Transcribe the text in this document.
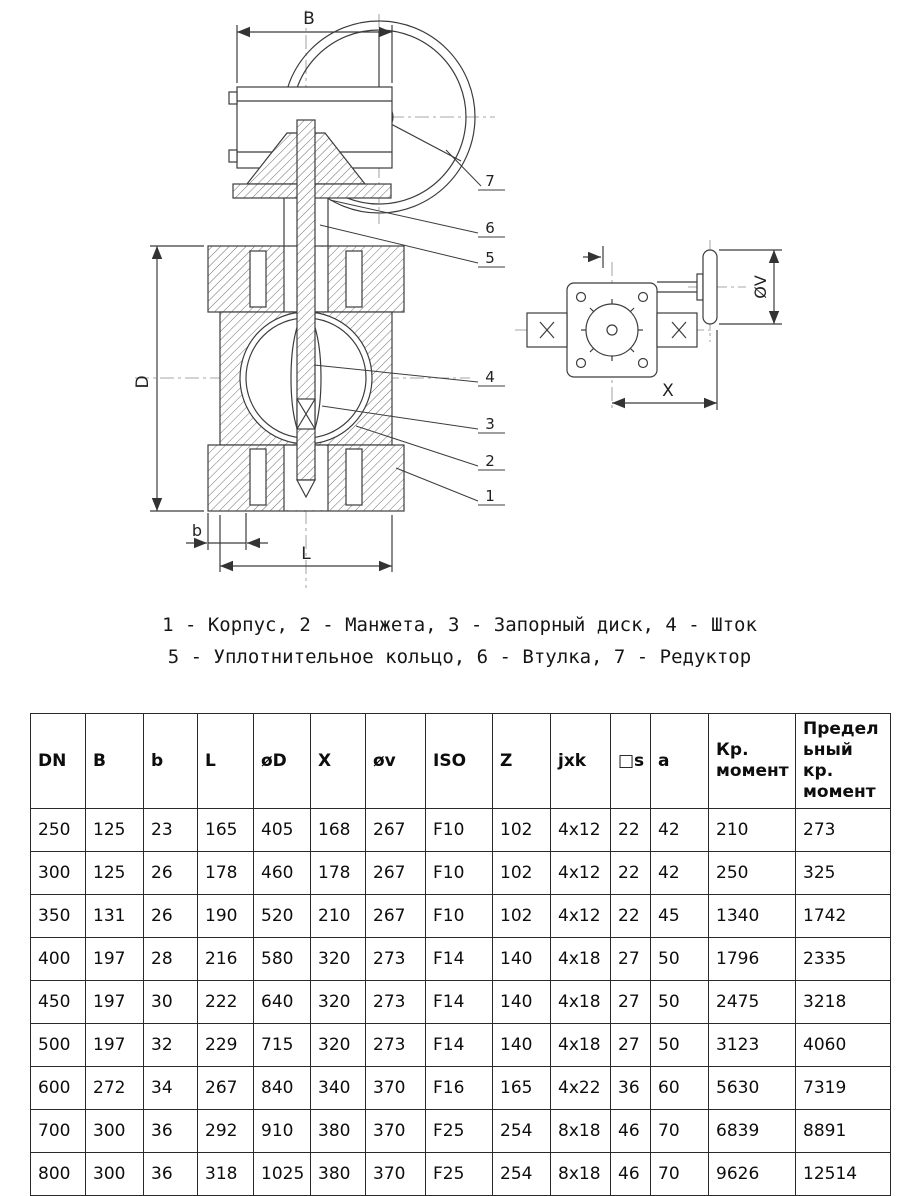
B
D
b
L
7
6
5
4
3
2
1
ØV
X
1 - Корпус, 2 - Манжета, 3 - Запорный диск, 4 - Шток
5 - Уплотнительное кольцо, 6 - Втулка, 7 - Редуктор
DN	B	b	L	øD	X	øv	ISO	Z	jxk	□s	a	Кр. момент	Предельный кр. момент
250	125	23	165	405	168	267	F10	102	4x12	22	42	210	273
300	125	26	178	460	178	267	F10	102	4x12	22	42	250	325
350	131	26	190	520	210	267	F10	102	4x12	22	45	1340	1742
400	197	28	216	580	320	273	F14	140	4x18	27	50	1796	2335
450	197	30	222	640	320	273	F14	140	4x18	27	50	2475	3218
500	197	32	229	715	320	273	F14	140	4x18	27	50	3123	4060
600	272	34	267	840	340	370	F16	165	4x22	36	60	5630	7319
700	300	36	292	910	380	370	F25	254	8x18	46	70	6839	8891
800	300	36	318	1025	380	370	F25	254	8x18	46	70	9626	12514
